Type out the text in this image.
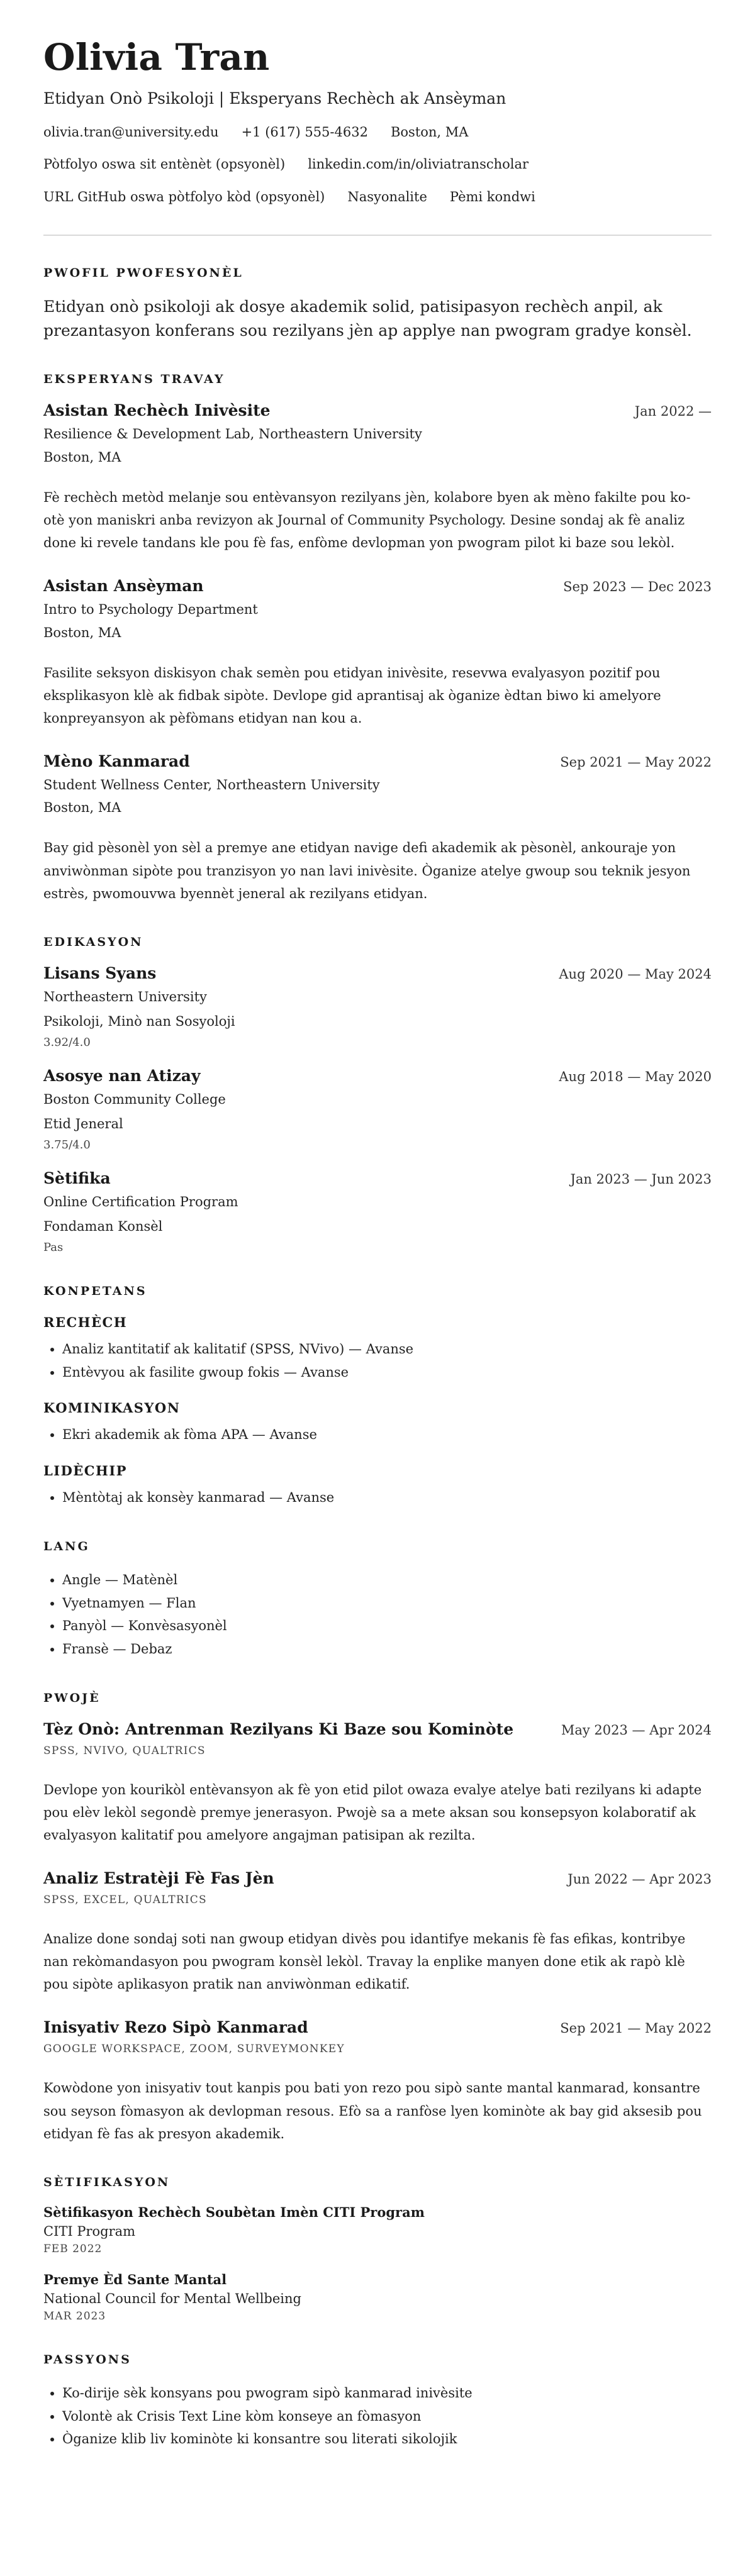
Olivia Tran
Etidyan Onò Psikoloji | Eksperyans Rechèch ak Ansèyman
olivia.tran@university.edu +1 (617) 555-4632 Boston, MA
Pòtfolyo oswa sit entènèt (opsyonèl) linkedin.com/in/oliviatranscholar
URL GitHub oswa pòtfolyo kòd (opsyonèl) Nasyonalite Pèmi kondwi
PWOFIL PWOFESYONÈL
Etidyan onò psikoloji ak dosye akademik solid, patisipasyon rechèch anpil, ak prezantasyon konferans sou rezilyans jèn ap applye nan pwogram gradye konsèl.
EKSPERYANS TRAVAY
Asistan Rechèch Inivèsite	Jan 2022 —
Resilience & Development Lab, Northeastern University
Boston, MA
Fè rechèch metòd melanje sou entèvansyon rezilyans jèn, kolabore byen ak mèno fakilte pou ko-otè yon maniskri anba revizyon ak Journal of Community Psychology. Desine sondaj ak fè analiz done ki revele tandans kle pou fè fas, enfòme devlopman yon pwogram pilot ki baze sou lekòl.
Asistan Ansèyman	Sep 2023 — Dec 2023
Intro to Psychology Department
Boston, MA
Fasilite seksyon diskisyon chak semèn pou etidyan inivèsite, resevwa evalyasyon pozitif pou eksplikasyon klè ak fidbak sipòte. Devlope gid aprantisaj ak òganize èdtan biwo ki amelyore konpreyansyon ak pèfòmans etidyan nan kou a.
Mèno Kanmarad	Sep 2021 — May 2022
Student Wellness Center, Northeastern University
Boston, MA
Bay gid pèsonèl yon sèl a premye ane etidyan navige defi akademik ak pèsonèl, ankouraje yon anviwònman sipòte pou tranzisyon yo nan lavi inivèsite. Òganize atelye gwoup sou teknik jesyon estrès, pwomouvwa byennèt jeneral ak rezilyans etidyan.
EDIKASYON
Lisans Syans	Aug 2020 — May 2024
Northeastern University
Psikoloji, Minò nan Sosyoloji
3.92/4.0
Asosye nan Atizay	Aug 2018 — May 2020
Boston Community College
Etid Jeneral
3.75/4.0
Sètifika	Jan 2023 — Jun 2023
Online Certification Program
Fondaman Konsèl
Pas
KONPETANS
RECHÈCH
• Analiz kantitatif ak kalitatif (SPSS, NVivo) — Avanse
• Entèvyou ak fasilite gwoup fokis — Avanse
KOMINIKASYON
• Ekri akademik ak fòma APA — Avanse
LIDÈCHIP
• Mèntòtaj ak konsèy kanmarad — Avanse
LANG
• Angle — Matènèl
• Vyetnamyen — Flan
• Panyòl — Konvèsasyonèl
• Fransè — Debaz
PWOJÈ
Tèz Onò: Antrenman Rezilyans Ki Baze sou Kominòte	May 2023 — Apr 2024
SPSS, NVIVO, QUALTRICS
Devlope yon kourikòl entèvansyon ak fè yon etid pilot owaza evalye atelye bati rezilyans ki adapte pou elèv lekòl segondè premye jenerasyon. Pwojè sa a mete aksan sou konsepsyon kolaboratif ak evalyasyon kalitatif pou amelyore angajman patisipan ak rezilta.
Analiz Estratèji Fè Fas Jèn	Jun 2022 — Apr 2023
SPSS, EXCEL, QUALTRICS
Analize done sondaj soti nan gwoup etidyan divès pou idantifye mekanis fè fas efikas, kontribye nan rekòmandasyon pou pwogram konsèl lekòl. Travay la enplike manyen done etik ak rapò klè pou sipòte aplikasyon pratik nan anviwònman edikatif.
Inisyativ Rezo Sipò Kanmarad	Sep 2021 — May 2022
GOOGLE WORKSPACE, ZOOM, SURVEYMONKEY
Kowòdone yon inisyativ tout kanpis pou bati yon rezo pou sipò sante mantal kanmarad, konsantre sou seyson fòmasyon ak devlopman resous. Efò sa a ranfòse lyen kominòte ak bay gid aksesib pou etidyan fè fas ak presyon akademik.
SÈTIFIKASYON
Sètifikasyon Rechèch Soubètan Imèn CITI Program
CITI Program
FEB 2022
Premye Èd Sante Mantal
National Council for Mental Wellbeing
MAR 2023
PASSYONS
• Ko-dirije sèk konsyans pou pwogram sipò kanmarad inivèsite
• Volontè ak Crisis Text Line kòm konseye an fòmasyon
• Òganize klib liv kominòte ki konsantre sou literati sikolojik
